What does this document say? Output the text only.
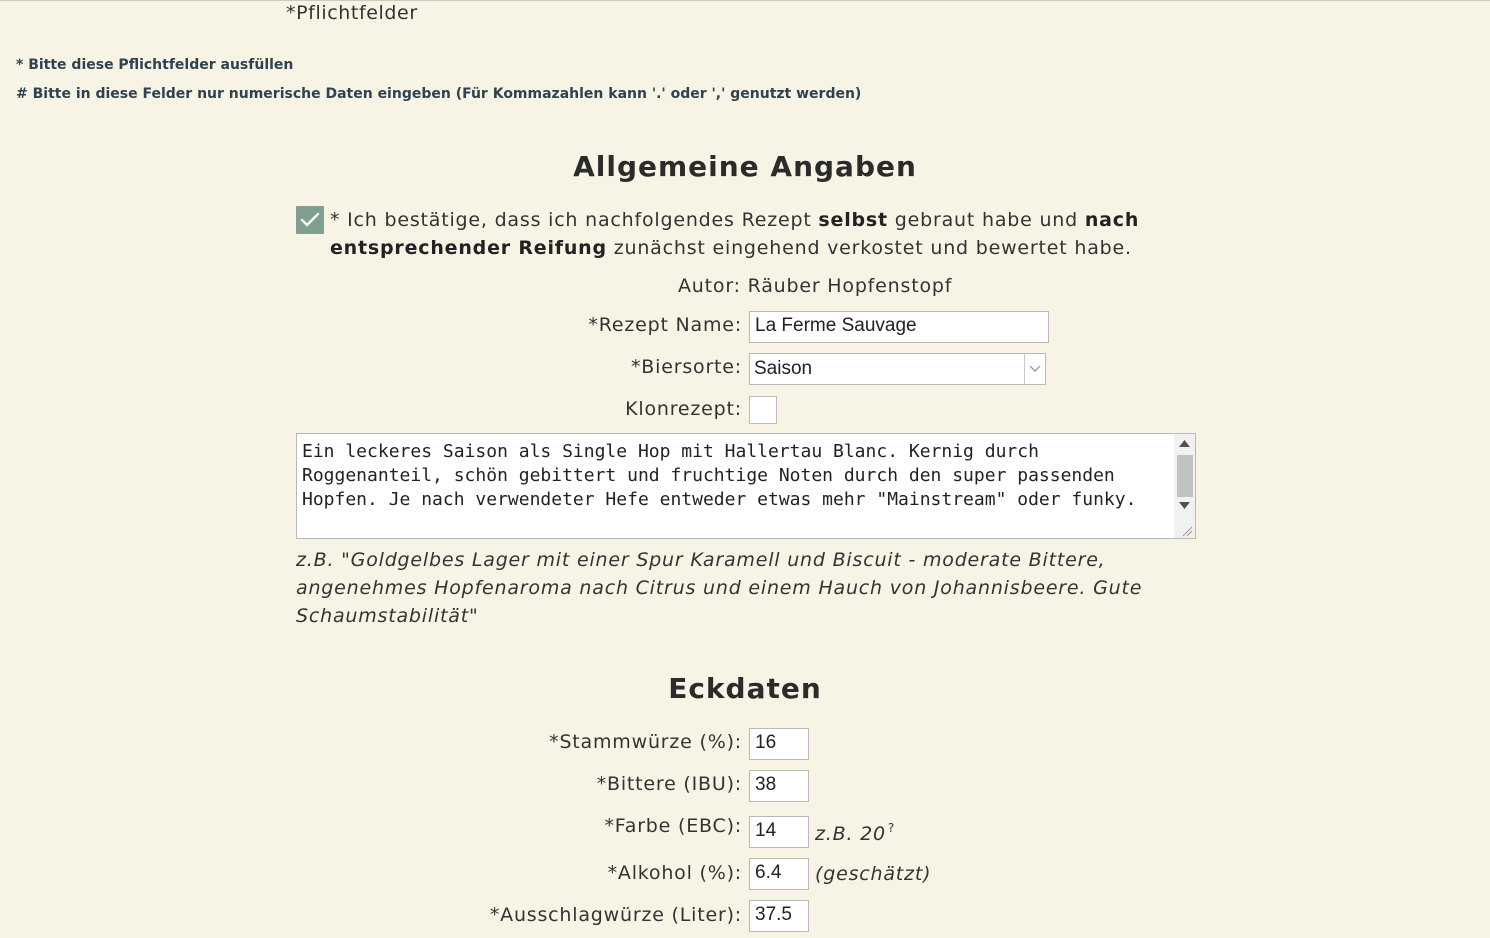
*Pflichtfelder
* Bitte diese Pflichtfelder ausfüllen
# Bitte in diese Felder nur numerische Daten eingeben (Für Kommazahlen kann '.' oder ',' genutzt werden)
Allgemeine Angaben
* Ich bestätige, dass ich nachfolgendes Rezept selbst gebraut habe und nach entsprechender Reifung zunächst eingehend verkostet und bewertet habe.
Autor: Räuber Hopfenstopf
*Rezept Name: La Ferme Sauvage
*Biersorte: Saison
Klonrezept:
Ein leckeres Saison als Single Hop mit Hallertau Blanc. Kernig durch Roggenanteil, schön gebittert und fruchtige Noten durch den super passenden Hopfen. Je nach verwendeter Hefe entweder etwas mehr "Mainstream" oder funky.
z.B. "Goldgelbes Lager mit einer Spur Karamell und Biscuit - moderate Bittere, angenehmes Hopfenaroma nach Citrus und einem Hauch von Johannisbeere. Gute Schaumstabilität"
Eckdaten
*Stammwürze (%): 16
*Bittere (IBU): 38
*Farbe (EBC): 14	z.B. 20 ?
*Alkohol (%): 6.4	(geschätzt)
*Ausschlagwürze (Liter): 37.5
